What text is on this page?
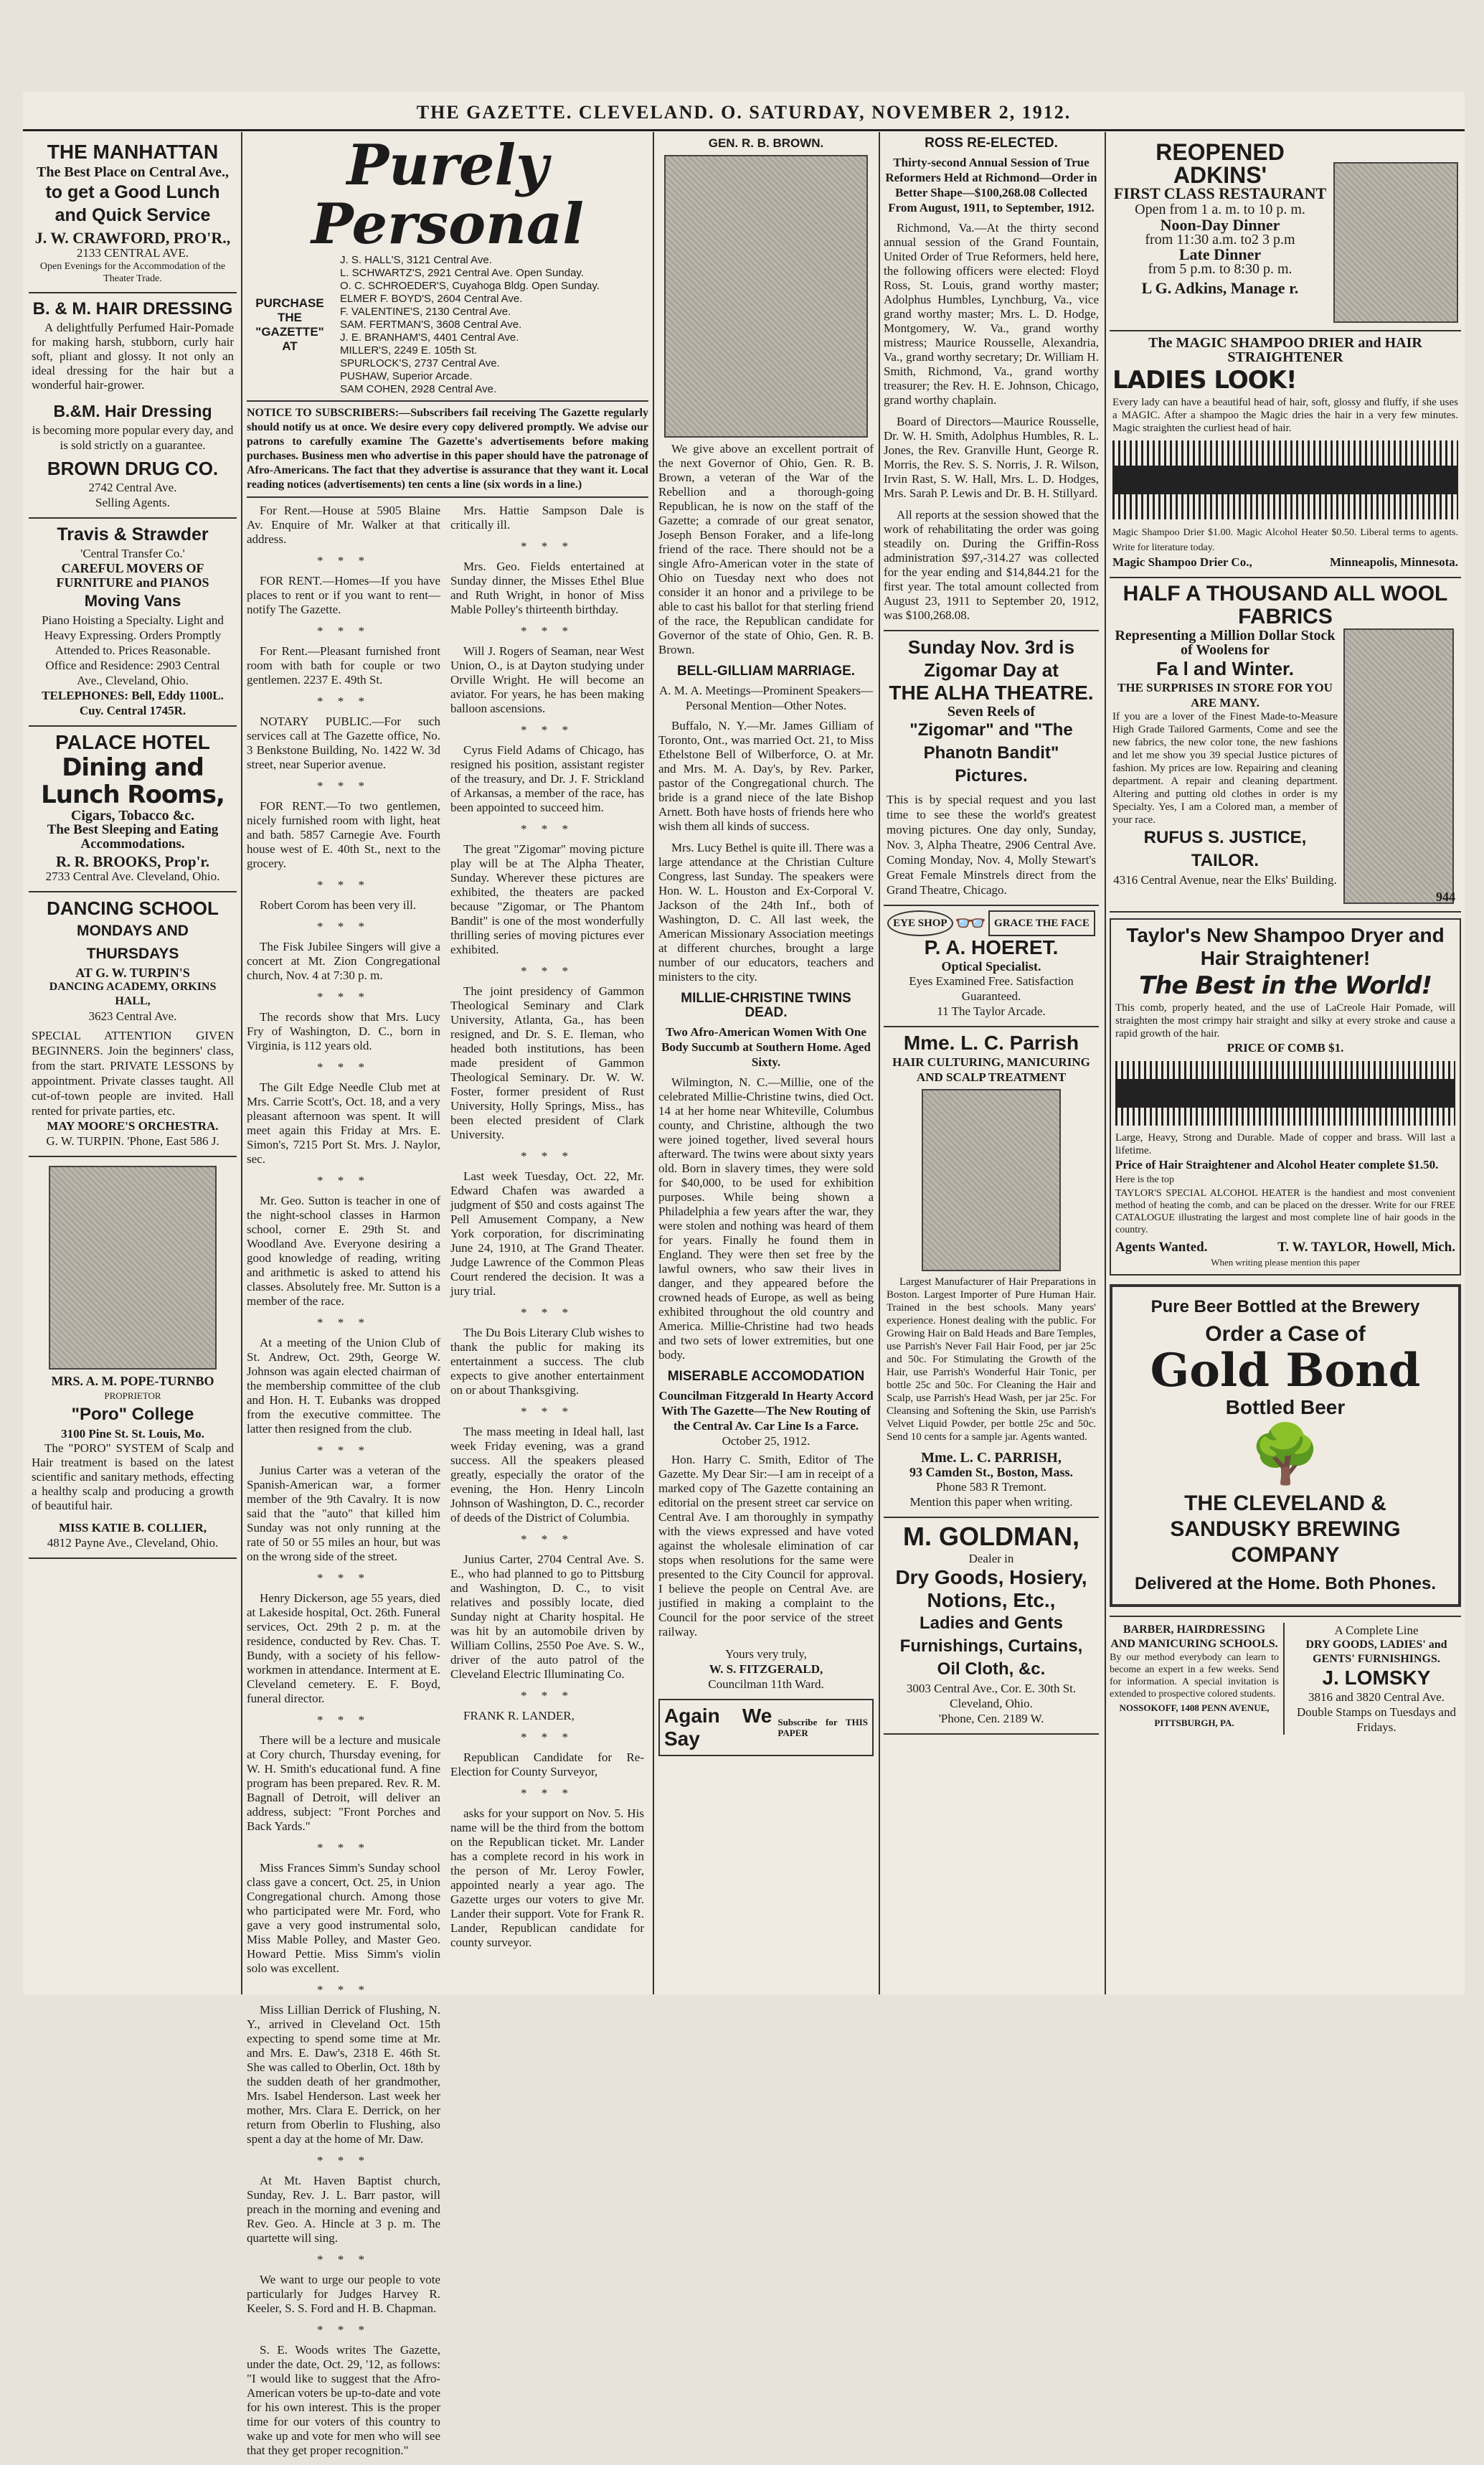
THE GAZETTE. CLEVELAND. O. SATURDAY, NOVEMBER 2, 1912.
THE MANHATTAN
The Best Place on Central Ave.,
to get a Good Lunch and Quick Service
J. W. CRAWFORD, PRO'R.,
2133 CENTRAL AVE.
Open Evenings for the Accommodation of the Theater Trade.
B. & M. HAIR DRESSING

A delightfully Perfumed Hair-Pomade for making harsh, stubborn, curly hair soft, pliant and glossy. It not only an ideal dressing for the hair but a wonderful hair-grower.

B.&M. Hair Dressing
is becoming more popular every day, and is sold strictly on a guarantee.
BROWN DRUG CO.
2742 Central Ave.
Selling Agents.
Travis & Strawder
'Central Transfer Co.'
CAREFUL MOVERS OF FURNITURE and PIANOS
Moving Vans
Piano Hoisting a Specialty. Light and Heavy Expressing. Orders Promptly Attended to. Prices Reasonable.
Office and Residence: 2903 Central Ave., Cleveland, Ohio.
TELEPHONES: Bell, Eddy 1100L. Cuy. Central 1745R.
PALACE HOTEL
Dining and Lunch Rooms,
Cigars, Tobacco &c.
The Best Sleeping and Eating Accommodations.
R. R. BROOKS, Prop'r.
2733 Central Ave. Cleveland, Ohio.
DANCING SCHOOL
MONDAYS AND THURSDAYS
AT G. W. TURPIN'S
DANCING ACADEMY, ORKINS HALL,
3623 Central Ave.
SPECIAL ATTENTION GIVEN BEGINNERS. Join the beginners' class, from the start. PRIVATE LESSONS by appointment. Private classes taught. All cut-of-town people are invited. Hall rented for private parties, etc.
MAY MOORE'S ORCHESTRA.
G. W. TURPIN. 'Phone, East 586 J.
MRS. A. M. POPE-TURNBO
PROPRIETOR
"Poro" College
3100 Pine St. St. Louis, Mo.

The "PORO" SYSTEM of Scalp and Hair treatment is based on the latest scientific and sanitary methods, effecting a healthy scalp and producing a growth of beautiful hair.

MISS KATIE B. COLLIER,
4812 Payne Ave., Cleveland, Ohio.
Purely Personal
PURCHASE THE "GAZETTE" AT
J. S. HALL'S, 3121 Central Ave.
L. SCHWARTZ'S, 2921 Central Ave. Open Sunday.
O. C. SCHROEDER'S, Cuyahoga Bldg. Open Sunday.
ELMER F. BOYD'S, 2604 Central Ave.
F. VALENTINE'S, 2130 Central Ave.
SAM. FERTMAN'S, 3608 Central Ave.
J. E. BRANHAM'S, 4401 Central Ave.
MILLER'S, 2249 E. 105th St.
SPURLOCK'S, 2737 Central Ave.
PUSHAW, Superior Arcade.
SAM COHEN, 2928 Central Ave.
NOTICE TO SUBSCRIBERS:—Subscribers fail receiving The Gazette regularly should notify us at once. We desire every copy delivered promptly. We advise our patrons to carefully examine The Gazette's advertisements before making purchases. Business men who advertise in this paper should have the patronage of Afro-Americans. The fact that they advertise is assurance that they want it. Local reading notices (advertisements) ten cents a line (six words in a line.)

For Rent.—House at 5905 Blaine Av. Enquire of Mr. Walker at that address.

* * *

FOR RENT.—Homes—If you have places to rent or if you want to rent—notify The Gazette.

* * *

For Rent.—Pleasant furnished front room with bath for couple or two gentlemen. 2237 E. 49th St.

* * *

NOTARY PUBLIC.—For such services call at The Gazette office, No. 3 Benkstone Building, No. 1422 W. 3d street, near Superior avenue.

* * *

FOR RENT.—To two gentlemen, nicely furnished room with light, heat and bath. 5857 Carnegie Ave. Fourth house west of E. 40th St., next to the grocery.

* * *

Robert Corom has been very ill.

* * *

The Fisk Jubilee Singers will give a concert at Mt. Zion Congregational church, Nov. 4 at 7:30 p. m.

* * *

The records show that Mrs. Lucy Fry of Washington, D. C., born in Virginia, is 112 years old.

* * *

The Gilt Edge Needle Club met at Mrs. Carrie Scott's, Oct. 18, and a very pleasant afternoon was spent. It will meet again this Friday at Mrs. E. Simon's, 7215 Port St. Mrs. J. Naylor, sec.

* * *

Mr. Geo. Sutton is teacher in one of the night-school classes in Harmon school, corner E. 29th St. and Woodland Ave. Everyone desiring a good knowledge of reading, writing and arithmetic is asked to attend his classes. Absolutely free. Mr. Sutton is a member of the race.

* * *

At a meeting of the Union Club of St. Andrew, Oct. 29th, George W. Johnson was again elected chairman of the membership committee of the club and Hon. H. T. Eubanks was dropped from the executive committee. The latter then resigned from the club.

* * *

Junius Carter was a veteran of the Spanish-American war, a former member of the 9th Cavalry. It is now said that the "auto" that killed him Sunday was not only running at the rate of 50 or 55 miles an hour, but was on the wrong side of the street.

* * *

Henry Dickerson, age 55 years, died at Lakeside hospital, Oct. 26th. Funeral services, Oct. 29th 2 p. m. at the residence, conducted by Rev. Chas. T. Bundy, with a society of his fellow-workmen in attendance. Interment at E. Cleveland cemetery. E. F. Boyd, funeral director.

* * *

There will be a lecture and musicale at Cory church, Thursday evening, for W. H. Smith's educational fund. A fine program has been prepared. Rev. R. M. Bagnall of Detroit, will deliver an address, subject: "Front Porches and Back Yards."

* * *

Miss Frances Simm's Sunday school class gave a concert, Oct. 25, in Union Congregational church. Among those who participated were Mr. Ford, who gave a very good instrumental solo, Miss Mable Polley, and Master Geo. Howard Pettie. Miss Simm's violin solo was excellent.

* * *

Miss Lillian Derrick of Flushing, N. Y., arrived in Cleveland Oct. 15th expecting to spend some time at Mr. and Mrs. E. Daw's, 2318 E. 46th St. She was called to Oberlin, Oct. 18th by the sudden death of her grandmother, Mrs. Isabel Henderson. Last week her mother, Mrs. Clara E. Derrick, on her return from Oberlin to Flushing, also spent a day at the home of Mr. Daw.

* * *

At Mt. Haven Baptist church, Sunday, Rev. J. L. Barr pastor, will preach in the morning and evening and Rev. Geo. A. Hincle at 3 p. m. The quartette will sing.

* * *

We want to urge our people to vote particularly for Judges Harvey R. Keeler, S. S. Ford and H. B. Chapman.

* * *

S. E. Woods writes The Gazette, under the date, Oct. 29, '12, as follows: "I would like to suggest that the Afro-American voters be up-to-date and vote for his own interest. This is the proper time for our voters of this country to wake up and vote for men who will see that they get proper recognition."

Mrs. Hattie Sampson Dale is critically ill.

* * *

Mrs. Geo. Fields entertained at Sunday dinner, the Misses Ethel Blue and Ruth Wright, in honor of Miss Mable Polley's thirteenth birthday.

* * *

Will J. Rogers of Seaman, near West Union, O., is at Dayton studying under Orville Wright. He will become an aviator. For years, he has been making balloon ascensions.

* * *

Cyrus Field Adams of Chicago, has resigned his position, assistant register of the treasury, and Dr. J. F. Strickland of Arkansas, a member of the race, has been appointed to succeed him.

* * *

The great "Zigomar" moving picture play will be at The Alpha Theater, Sunday. Wherever these pictures are exhibited, the theaters are packed because "Zigomar, or The Phantom Bandit" is one of the most wonderfully thrilling series of moving pictures ever exhibited.

* * *

The joint presidency of Gammon Theological Seminary and Clark University, Atlanta, Ga., has been resigned, and Dr. S. E. Ileman, who headed both institutions, has been made president of Gammon Theological Seminary. Dr. W. W. Foster, former president of Rust University, Holly Springs, Miss., has been elected president of Clark University.

* * *

Last week Tuesday, Oct. 22, Mr. Edward Chafen was awarded a judgment of $50 and costs against The Pell Amusement Company, a New York corporation, for discriminating June 24, 1910, at The Grand Theater. Judge Lawrence of the Common Pleas Court rendered the decision. It was a jury trial.

* * *

The Du Bois Literary Club wishes to thank the public for making its entertainment a success. The club expects to give another entertainment on or about Thanksgiving.

* * *

The mass meeting in Ideal hall, last week Friday evening, was a grand success. All the speakers pleased greatly, especially the orator of the evening, the Hon. Henry Lincoln Johnson of Washington, D. C., recorder of deeds of the District of Columbia.

* * *

Junius Carter, 2704 Central Ave. S. E., who had planned to go to Pittsburg and Washington, D. C., to visit relatives and possibly locate, died Sunday night at Charity hospital. He was hit by an automobile driven by William Collins, 2550 Poe Ave. S. W., driver of the auto patrol of the Cleveland Electric Illuminating Co.

* * *

FRANK R. LANDER,

* * *

Republican Candidate for Re-Election for County Surveyor,

* * *

asks for your support on Nov. 5. His name will be the third from the bottom on the Republican ticket. Mr. Lander has a complete record in his work in the person of Mr. Leroy Fowler, appointed nearly a year ago. The Gazette urges our voters to give Mr. Lander their support. Vote for Frank R. Lander, Republican candidate for county surveyor.

GEN. R. B. BROWN.

We give above an excellent portrait of the next Governor of Ohio, Gen. R. B. Brown, a veteran of the War of the Rebellion and a thorough-going Republican, he is now on the staff of the Gazette; a comrade of our great senator, Joseph Benson Foraker, and a life-long friend of the race. There should not be a single Afro-American voter in the state of Ohio on Tuesday next who does not consider it an honor and a privilege to be able to cast his ballot for that sterling friend of the race, the Republican candidate for Governor of the state of Ohio, Gen. R. B. Brown.

BELL-GILLIAM MARRIAGE.
A. M. A. Meetings—Prominent Speakers—Personal Mention—Other Notes.

Buffalo, N. Y.—Mr. James Gilliam of Toronto, Ont., was married Oct. 21, to Miss Ethelstone Bell of Wilberforce, O. at Mr. and Mrs. M. A. Day's, by Rev. Parker, pastor of the Congregational church. The bride is a grand niece of the late Bishop Arnett. Both have hosts of friends here who wish them all kinds of success.

Mrs. Lucy Bethel is quite ill. There was a large attendance at the Christian Culture Congress, last Sunday. The speakers were Hon. W. L. Houston and Ex-Corporal V. Jackson of the 24th Inf., both of Washington, D. C. All last week, the American Missionary Association meetings at different churches, brought a large number of our educators, teachers and ministers to the city.

MILLIE-CHRISTINE TWINS DEAD.
Two Afro-American Women With One Body Succumb at Southern Home. Aged Sixty.

Wilmington, N. C.—Millie, one of the celebrated Millie-Christine twins, died Oct. 14 at her home near Whiteville, Columbus county, and Christine, although the two were joined together, lived several hours afterward. The twins were about sixty years old. Born in slavery times, they were sold for $40,000, to be used for exhibition purposes. While being shown a Philadelphia a few years after the war, they were stolen and nothing was heard of them for years. Finally he found them in England. They were then set free by the lawful owners, who saw their lives in danger, and they appeared before the crowned heads of Europe, as well as being exhibited throughout the old country and America. Millie-Christine had two heads and two sets of lower extremities, but one body.

MISERABLE ACCOMODATION
Councilman Fitzgerald In Hearty Accord With The Gazette—The New Routing of the Central Av. Car Line Is a Farce.
October 25, 1912.

Hon. Harry C. Smith, Editor of The Gazette. My Dear Sir:—I am in receipt of a marked copy of The Gazette containing an editorial on the present street car service on Central Ave. I am thoroughly in sympathy with the views expressed and have voted against the wholesale elimination of car stops when resolutions for the same were presented to the City Council for approval. I believe the people on Central Ave. are justified in making a complaint to the Council for the poor service of the street railway.

Yours very truly,
W. S. FITZGERALD,
Councilman 11th Ward.
Again We Say
Subscribe for THIS PAPER
ROSS RE-ELECTED.
Thirty-second Annual Session of True Reformers Held at Richmond—Order in Better Shape—$100,268.08 Collected From August, 1911, to September, 1912.

Richmond, Va.—At the thirty second annual session of the Grand Fountain, United Order of True Reformers, held here, the following officers were elected: Floyd Ross, St. Louis, grand worthy master; Adolphus Humbles, Lynchburg, Va., vice grand worthy master; Mrs. L. D. Hodge, Montgomery, W. Va., grand worthy mistress; Maurice Rousselle, Alexandria, Va., grand worthy secretary; Dr. William H. Smith, Richmond, Va., grand worthy treasurer; the Rev. H. E. Johnson, Chicago, grand worthy chaplain.

Board of Directors—Maurice Rousselle, Dr. W. H. Smith, Adolphus Humbles, R. L. Jones, the Rev. Granville Hunt, George R. Morris, the Rev. S. S. Norris, J. R. Wilson, Irvin Rast, S. W. Hall, Mrs. L. D. Hodges, Mrs. Sarah P. Lewis and Dr. B. H. Stillyard.

All reports at the session showed that the work of rehabilitating the order was going steadily on. During the Griffin-Ross administration $97,-314.27 was collected for the year ending and $14,844.21 for the first year. The total amount collected from August 23, 1911 to September 20, 1912, was $100,268.08.

Sunday Nov. 3rd is Zigomar Day at
THE ALHA THEATRE.
Seven Reels of
"Zigomar" and "The Phanotn Bandit" Pictures.
This is by special request and you last time to see these the world's greatest moving pictures. One day only, Sunday, Nov. 3, Alpha Theatre, 2906 Central Ave. Coming Monday, Nov. 4, Molly Stewart's Great Female Minstrels direct from the Grand Theatre, Chicago.
EYE SHOP 👓 GRACE THE FACE
P. A. HOERET.
Optical Specialist.
Eyes Examined Free. Satisfaction Guaranteed.
11 The Taylor Arcade.
Mme. L. C. Parrish
HAIR CULTURING, MANICURING AND SCALP TREATMENT

Largest Manufacturer of Hair Preparations in Boston. Largest Importer of Pure Human Hair. Trained in the best schools. Many years' experience. Honest dealing with the public. For Growing Hair on Bald Heads and Bare Temples, use Parrish's Never Fail Hair Food, per jar 25c and 50c. For Stimulating the Growth of the Hair, use Parrish's Wonderful Hair Tonic, per bottle 25c and 50c. For Cleaning the Hair and Scalp, use Parrish's Head Wash, per jar 25c. For Cleansing and Softening the Skin, use Parrish's Velvet Liquid Powder, per bottle 25c and 50c. Send 10 cents for a sample jar. Agents wanted.

Mme. L. C. PARRISH,
93 Camden St., Boston, Mass.
Phone 583 R Tremont.
Mention this paper when writing.
M. GOLDMAN,
Dealer in
Dry Goods, Hosiery, Notions, Etc.,
Ladies and Gents Furnishings, Curtains, Oil Cloth, &c.
3003 Central Ave., Cor. E. 30th St. Cleveland, Ohio.
'Phone, Cen. 2189 W.
REOPENED
ADKINS'
FIRST CLASS RESTAURANT
Open from 1 a. m. to 10 p. m.
Noon-Day Dinner
from 11:30 a.m. to2 3 p.m
Late Dinner
from 5 p.m. to 8:30 p. m.
L G. Adkins, Manage r.
The MAGIC SHAMPOO DRIER and HAIR STRAIGHTENER
LADIES LOOK!
Every lady can have a beautiful head of hair, soft, glossy and fluffy, if she uses a MAGIC. After a shampoo the Magic dries the hair in a very few minutes. Magic straighten the curliest head of hair.
Magic Shampoo Drier $1.00. Magic Alcohol Heater $0.50. Liberal terms to agents. Write for literature today.
Magic Shampoo Drier Co.,	Minneapolis, Minnesota.
HALF A THOUSAND ALL WOOL FABRICS
Representing a Million Dollar Stock of Woolens for
Fa l and Winter.
THE SURPRISES IN STORE FOR YOU ARE MANY.
If you are a lover of the Finest Made-to-Measure High Grade Tailored Garments, Come and see the new fabrics, the new color tone, the new fashions and let me show you 39 special Justice pictures of fashion. My prices are low. Repairing and cleaning department. A repair and cleaning department. Altering and putting old clothes in order is my Specialty. Yes, I am a Colored man, a member of your race.
RUFUS S. JUSTICE,
TAILOR.
4316 Central Avenue, near the Elks' Building.
944
Taylor's New Shampoo Dryer and Hair Straightener!
The Best in the World!
This comb, properly heated, and the use of LaCreole Hair Pomade, will straighten the most crimpy hair straight and silky at every stroke and cause a rapid growth of the hair.
PRICE OF COMB $1.
Large, Heavy, Strong and Durable. Made of copper and brass. Will last a lifetime.
Price of Hair Straightener and Alcohol Heater complete $1.50.
Here is the top
TAYLOR'S SPECIAL ALCOHOL HEATER is the handiest and most convenient method of heating the comb, and can be placed on the dresser. Write for our FREE CATALOGUE illustrating the largest and most complete line of hair goods in the country.
Agents Wanted.	T. W. TAYLOR, Howell, Mich.
When writing please mention this paper
Pure Beer Bottled at the Brewery
Order a Case of
Gold Bond
Bottled Beer
🌳
THE CLEVELAND & SANDUSKY BREWING COMPANY
Delivered at the Home. Both Phones.
BARBER, HAIRDRESSING AND MANICURING SCHOOLS.
By our method everybody can learn to become an expert in a few weeks. Send for information. A special invitation is extended to prospective colored students.
NOSSOKOFF, 1408 PENN AVENUE, PITTSBURGH, PA.
A Complete Line
DRY GOODS, LADIES' and GENTS' FURNISHINGS.
J. LOMSKY
3816 and 3820 Central Ave.
Double Stamps on Tuesdays and Fridays.
